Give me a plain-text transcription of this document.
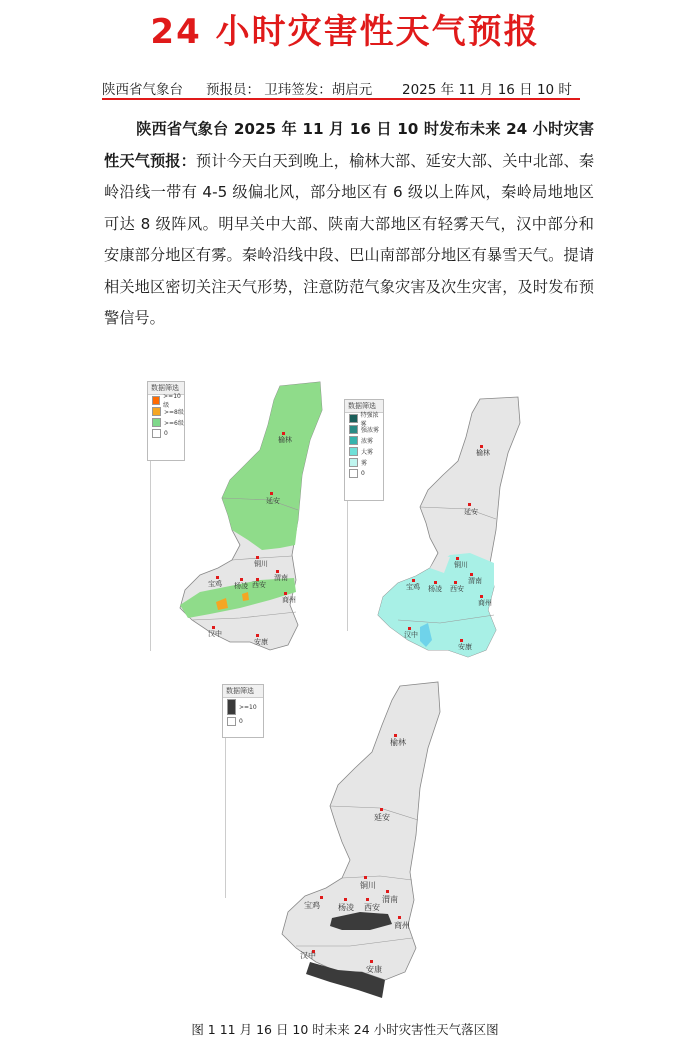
24 小时灾害性天气预报
陕西省气象台 预报员： 卫玮签发：胡启元 2025 年 11 月 16 日 10 时
陕西省气象台 2025 年 11 月 16 日 10 时发布未来 24 小时灾害性天气预报：预计今天白天到晚上，榆林大部、延安大部、关中北部、秦岭沿线一带有 4-5 级偏北风，部分地区有 6 级以上阵风，秦岭局地地区可达 8 级阵风。明早关中大部、陕南大部地区有轻雾天气，汉中部分和安康部分地区有雾。秦岭沿线中段、巴山南部部分地区有暴雪天气。提请相关地区密切关注天气形势，注意防范气象灾害及次生灾害，及时发布预警信号。
数据筛选
>=10级
>=8级
>=6级
0
榆林
延安
铜川
渭南
宝鸡 杨凌 西安
商州
汉中
安康
数据筛选
特强浓雾
强浓雾
浓雾
大雾
雾
0
榆林
延安
铜川
渭南
宝鸡 杨凌 西安
商州
汉中
安康
数据筛选
>=10
0
榆林
延安
铜川
渭南
宝鸡 杨凌 西安
商州
汉中
安康
图 1 11 月 16 日 10 时未来 24 小时灾害性天气落区图
